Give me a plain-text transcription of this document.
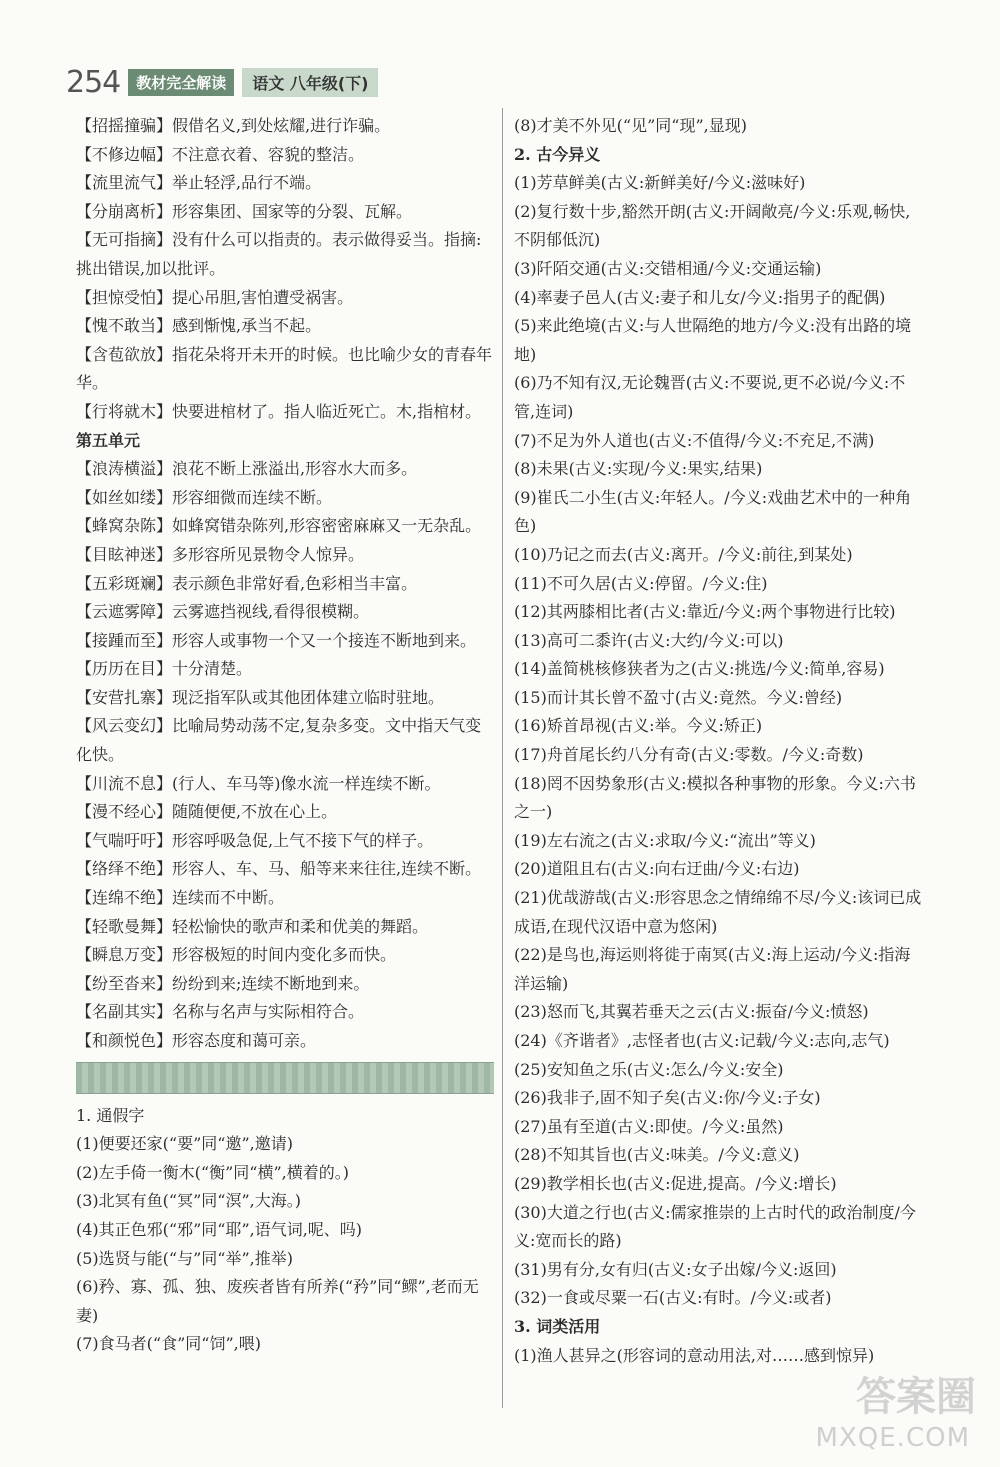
254	教材完全解读	语文 八年级(下)

【招摇撞骗】假借名义,到处炫耀,进行诈骗。

【不修边幅】不注意衣着、容貌的整洁。

【流里流气】举止轻浮,品行不端。

【分崩离析】形容集团、国家等的分裂、瓦解。

【无可指摘】没有什么可以指责的。表示做得妥当。指摘:挑出错误,加以批评。

【担惊受怕】提心吊胆,害怕遭受祸害。

【愧不敢当】感到惭愧,承当不起。

【含苞欲放】指花朵将开未开的时候。也比喻少女的青春年华。

【行将就木】快要进棺材了。指人临近死亡。木,指棺材。

第五单元

【浪涛横溢】浪花不断上涨溢出,形容水大而多。

【如丝如缕】形容细微而连续不断。

【蜂窝杂陈】如蜂窝错杂陈列,形容密密麻麻又一无杂乱。

【目眩神迷】多形容所见景物令人惊异。

【五彩斑斓】表示颜色非常好看,色彩相当丰富。

【云遮雾障】云雾遮挡视线,看得很模糊。

【接踵而至】形容人或事物一个又一个接连不断地到来。

【历历在目】十分清楚。

【安营扎寨】现泛指军队或其他团体建立临时驻地。

【风云变幻】比喻局势动荡不定,复杂多变。文中指天气变化快。

【川流不息】(行人、车马等)像水流一样连续不断。

【漫不经心】随随便便,不放在心上。

【气喘吁吁】形容呼吸急促,上气不接下气的样子。

【络绎不绝】形容人、车、马、船等来来往往,连续不断。

【连绵不绝】连续而不中断。

【轻歌曼舞】轻松愉快的歌声和柔和优美的舞蹈。

【瞬息万变】形容极短的时间内变化多而快。

【纷至沓来】纷纷到来;连续不断地到来。

【名副其实】名称与名声与实际相符合。

【和颜悦色】形容态度和蔼可亲。

1. 通假字

(1)便要还家(“要”同“邀”,邀请)

(2)左手倚一衡木(“衡”同“横”,横着的。)

(3)北冥有鱼(“冥”同“溟”,大海。)

(4)其正色邪(“邪”同“耶”,语气词,呢、吗)

(5)选贤与能(“与”同“举”,推举)

(6)矜、寡、孤、独、废疾者皆有所养(“矜”同“鳏”,老而无妻)

(7)食马者(“食”同“饲”,喂)

(8)才美不外见(“见”同“现”,显现)

2. 古今异义

(1)芳草鲜美(古义:新鲜美好/今义:滋味好)

(2)复行数十步,豁然开朗(古义:开阔敞亮/今义:乐观,畅快,不阴郁低沉)

(3)阡陌交通(古义:交错相通/今义:交通运输)

(4)率妻子邑人(古义:妻子和儿女/今义:指男子的配偶)

(5)来此绝境(古义:与人世隔绝的地方/今义:没有出路的境地)

(6)乃不知有汉,无论魏晋(古义:不要说,更不必说/今义:不管,连词)

(7)不足为外人道也(古义:不值得/今义:不充足,不满)

(8)未果(古义:实现/今义:果实,结果)

(9)崔氏二小生(古义:年轻人。/今义:戏曲艺术中的一种角色)

(10)乃记之而去(古义:离开。/今义:前往,到某处)

(11)不可久居(古义:停留。/今义:住)

(12)其两膝相比者(古义:靠近/今义:两个事物进行比较)

(13)高可二黍许(古义:大约/今义:可以)

(14)盖简桃核修狭者为之(古义:挑选/今义:简单,容易)

(15)而计其长曾不盈寸(古义:竟然。今义:曾经)

(16)矫首昂视(古义:举。今义:矫正)

(17)舟首尾长约八分有奇(古义:零数。/今义:奇数)

(18)罔不因势象形(古义:模拟各种事物的形象。今义:六书之一)

(19)左右流之(古义:求取/今义:“流出”等义)

(20)道阻且右(古义:向右迂曲/今义:右边)

(21)优哉游哉(古义:形容思念之情绵绵不尽/今义:该词已成成语,在现代汉语中意为悠闲)

(22)是鸟也,海运则将徙于南冥(古义:海上运动/今义:指海洋运输)

(23)怒而飞,其翼若垂天之云(古义:振奋/今义:愤怒)

(24)《齐谐者》,志怪者也(古义:记载/今义:志向,志气)

(25)安知鱼之乐(古义:怎么/今义:安全)

(26)我非子,固不知子矣(古义:你/今义:子女)

(27)虽有至道(古义:即使。/今义:虽然)

(28)不知其旨也(古义:味美。/今义:意义)

(29)教学相长也(古义:促进,提高。/今义:增长)

(30)大道之行也(古义:儒家推崇的上古时代的政治制度/今义:宽而长的路)

(31)男有分,女有归(古义:女子出嫁/今义:返回)

(32)一食或尽粟一石(古义:有时。/今义:或者)

3. 词类活用

(1)渔人甚异之(形容词的意动用法,对……感到惊异)

答案圈
MXQE.COM
